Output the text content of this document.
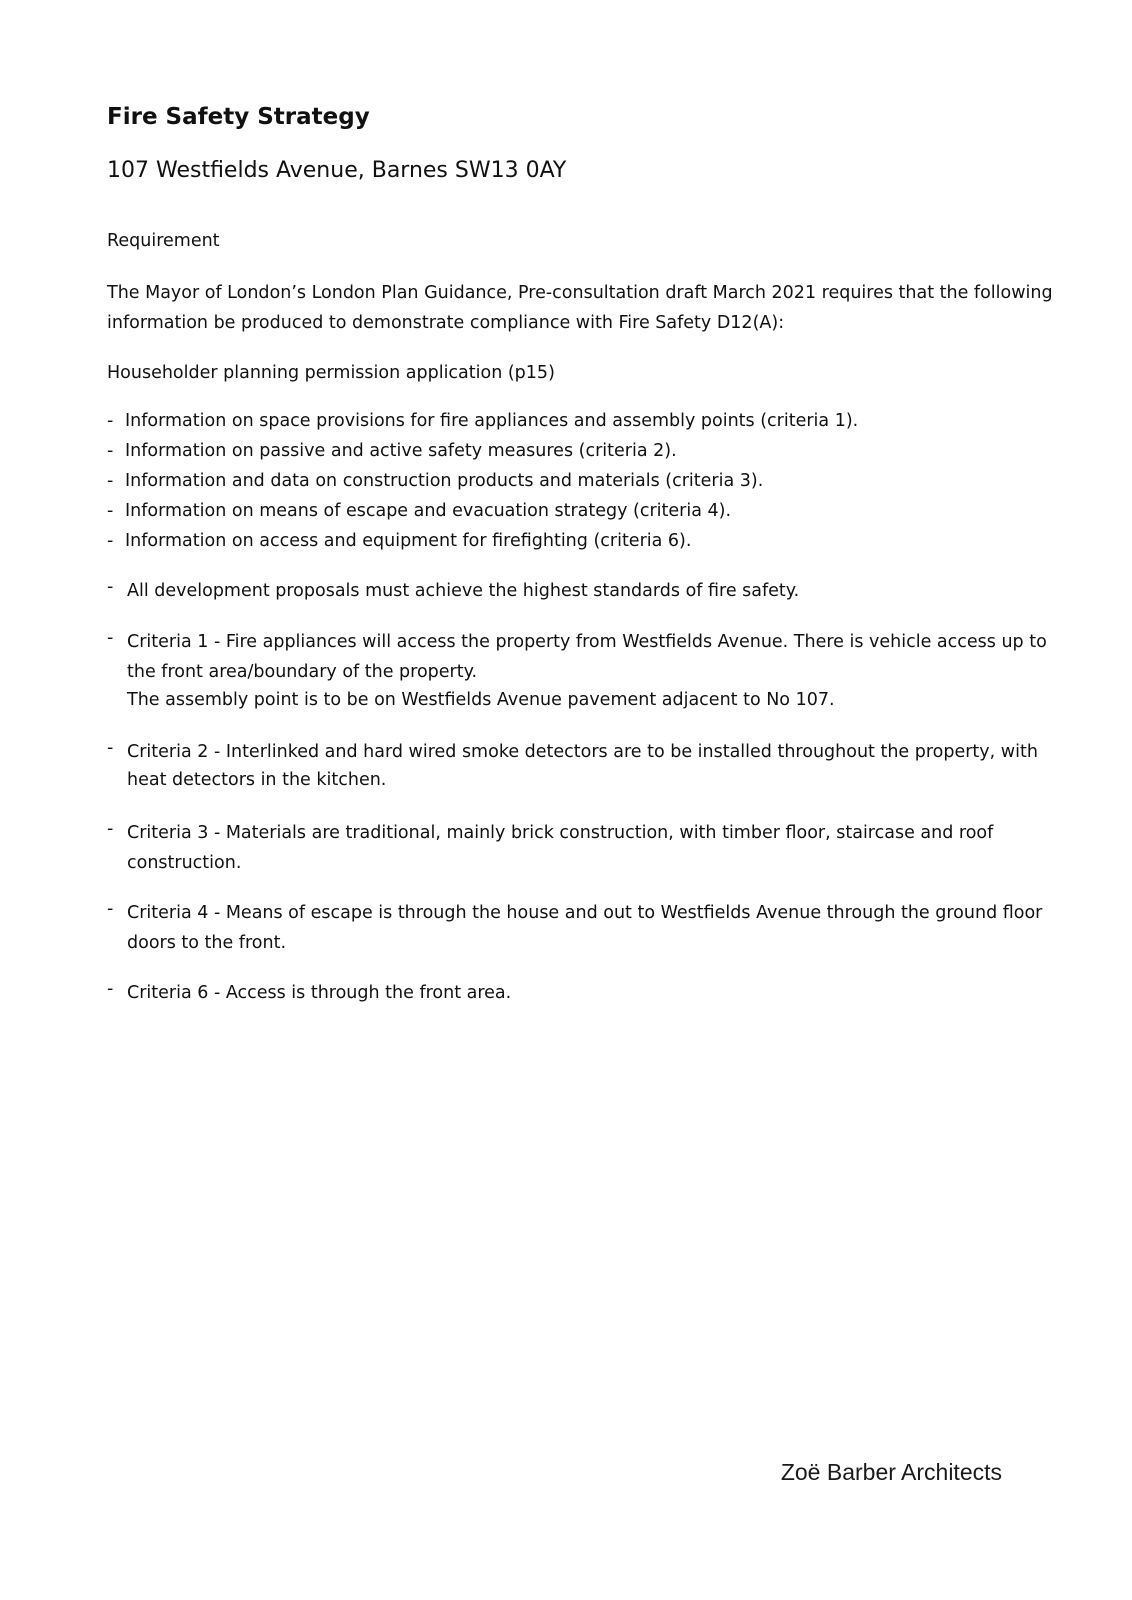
Fire Safety Strategy
107 Westfields Avenue, Barnes SW13 0AY
Requirement
The Mayor of London’s London Plan Guidance, Pre-consultation draft March 2021 requires that the following
information be produced to demonstrate compliance with Fire Safety D12(A):
Householder planning permission application (p15)
- Information on space provisions for fire appliances and assembly points (criteria 1).
- Information on passive and active safety measures (criteria 2).
- Information and data on construction products and materials (criteria 3).
- Information on means of escape and evacuation strategy (criteria 4).
- Information on access and equipment for firefighting (criteria 6).
- All development proposals must achieve the highest standards of fire safety.
- Criteria 1 - Fire appliances will access the property from Westfields Avenue. There is vehicle access up to
the front area/boundary of the property.
The assembly point is to be on Westfields Avenue pavement adjacent to No 107.
- Criteria 2 - Interlinked and hard wired smoke detectors are to be installed throughout the property, with
heat detectors in the kitchen.
- Criteria 3 - Materials are traditional, mainly brick construction, with timber floor, staircase and roof
construction.
- Criteria 4 - Means of escape is through the house and out to Westfields Avenue through the ground floor
doors to the front.
- Criteria 6 - Access is through the front area.
Zoë Barber Architects
